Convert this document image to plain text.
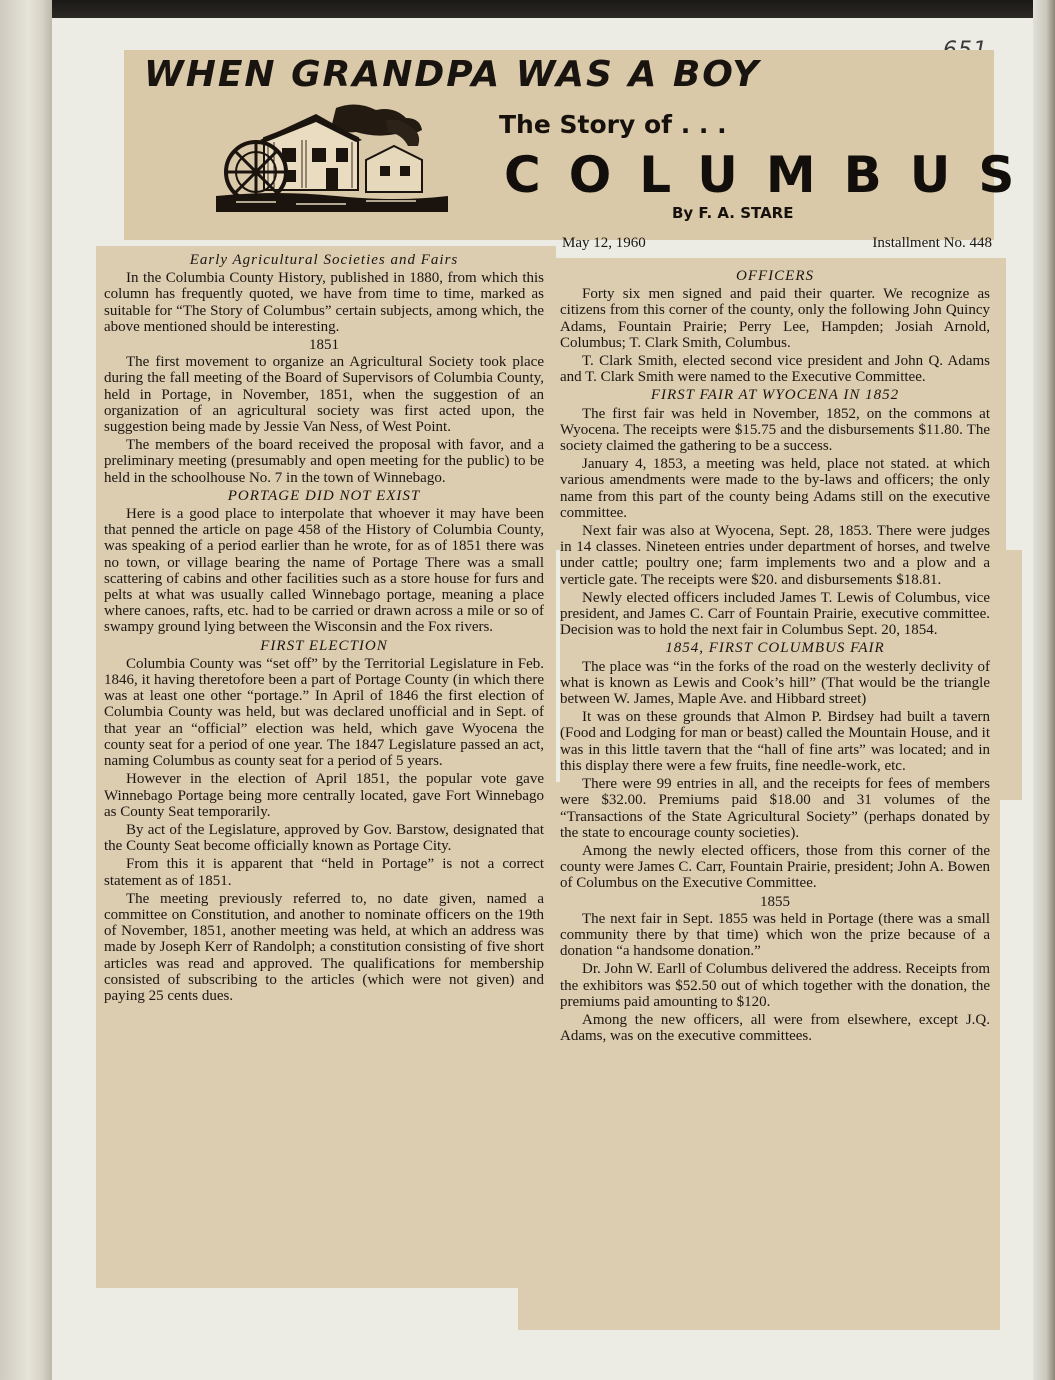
WHEN GRANDPA WAS A BOY
The Story of . . .
COLUMBUS
By F. A. STARE
May 12, 1960	Installment No. 448

Early Agricultural Societies and Fairs

In the Columbia County History, published in 1880, from which this column has frequently quoted, we have from time to time, marked as suitable for “The Story of Columbus” certain subjects, among which, the above mentioned should be interesting.

1851

The first movement to organize an Agricultural Society took place during the fall meeting of the Board of Supervisors of Columbia County, held in Portage, in November, 1851, when the suggestion of an organization of an agricultural society was first acted upon, the suggestion being made by Jessie Van Ness, of West Point.

The members of the board received the proposal with favor, and a preliminary meeting (presumably and open meeting for the public) to be held in the schoolhouse No. 7 in the town of Winnebago.

PORTAGE DID NOT EXIST

Here is a good place to interpolate that whoever it may have been that penned the article on page 458 of the History of Columbia County, was speaking of a period earlier than he wrote, for as of 1851 there was no town, or village bearing the name of Portage There was a small scattering of cabins and other facilities such as a store house for furs and pelts at what was usually called Winnebago portage, meaning a place where canoes, rafts, etc. had to be carried or drawn across a mile or so of swampy ground lying between the Wisconsin and the Fox rivers.

FIRST ELECTION

Columbia County was “set off” by the Territorial Legislature in Feb. 1846, it having theretofore been a part of Portage County (in which there was at least one other “portage.” In April of 1846 the first election of Columbia County was held, but was declared unofficial and in Sept. of that year an “official” election was held, which gave Wyocena the county seat for a period of one year. The 1847 Legislature passed an act, naming Columbus as county seat for a period of 5 years.

However in the election of April 1851, the popular vote gave Winnebago Portage being more centrally located, gave Fort Winnebago as County Seat temporarily.

By act of the Legislature, approved by Gov. Barstow, designated that the County Seat become officially known as Portage City.

From this it is apparent that “held in Portage” is not a correct statement as of 1851.

The meeting previously referred to, no date given, named a committee on Constitution, and another to nominate officers on the 19th of November, 1851, another meeting was held, at which an address was made by Joseph Kerr of Randolph; a constitution consisting of five short articles was read and approved. The qualifications for membership consisted of subscribing to the articles (which were not given) and paying 25 cents dues.

OFFICERS

Forty six men signed and paid their quarter. We recognize as citizens from this corner of the county, only the following John Quincy Adams, Fountain Prairie; Perry Lee, Hampden; Josiah Arnold, Columbus; T. Clark Smith, Columbus.

T. Clark Smith, elected second vice president and John Q. Adams and T. Clark Smith were named to the Executive Committee.

FIRST FAIR AT WYOCENA IN 1852

The first fair was held in November, 1852, on the commons at Wyocena. The receipts were $15.75 and the disbursements $11.80. The society claimed the gathering to be a success.

January 4, 1853, a meeting was held, place not stated. at which various amendments were made to the by-laws and officers; the only name from this part of the county being Adams still on the executive committee.

Next fair was also at Wyocena, Sept. 28, 1853. There were judges in 14 classes. Nineteen entries under department of horses, and twelve under cattle; poultry one; farm implements two and a plow and a verticle gate. The receipts were $20. and disbursements $18.81.

Newly elected officers included James T. Lewis of Columbus, vice president, and James C. Carr of Fountain Prairie, executive committee. Decision was to hold the next fair in Columbus Sept. 20, 1854.

1854, FIRST COLUMBUS FAIR

The place was “in the forks of the road on the westerly declivity of what is known as Lewis and Cook’s hill” (That would be the triangle between W. James, Maple Ave. and Hibbard street)

It was on these grounds that Almon P. Birdsey had built a tavern (Food and Lodging for man or beast) called the Mountain House, and it was in this little tavern that the “hall of fine arts” was located; and in this display there were a few fruits, fine needle-work, etc.

There were 99 entries in all, and the receipts for fees of members were $32.00. Premiums paid $18.00 and 31 volumes of the “Transactions of the State Agricultural Society” (perhaps donated by the state to encourage county societies).

Among the newly elected officers, those from this corner of the county were James C. Carr, Fountain Prairie, president; John A. Bowen of Columbus on the Executive Committee.

1855

The next fair in Sept. 1855 was held in Portage (there was a small community there by that time) which won the prize because of a donation “a handsome donation.”

Dr. John W. Earll of Columbus delivered the address. Receipts from the exhibitors was $52.50 out of which together with the donation, the premiums paid amounting to $120.

Among the new officers, all were from elsewhere, except J.Q. Adams, was on the executive committees.
